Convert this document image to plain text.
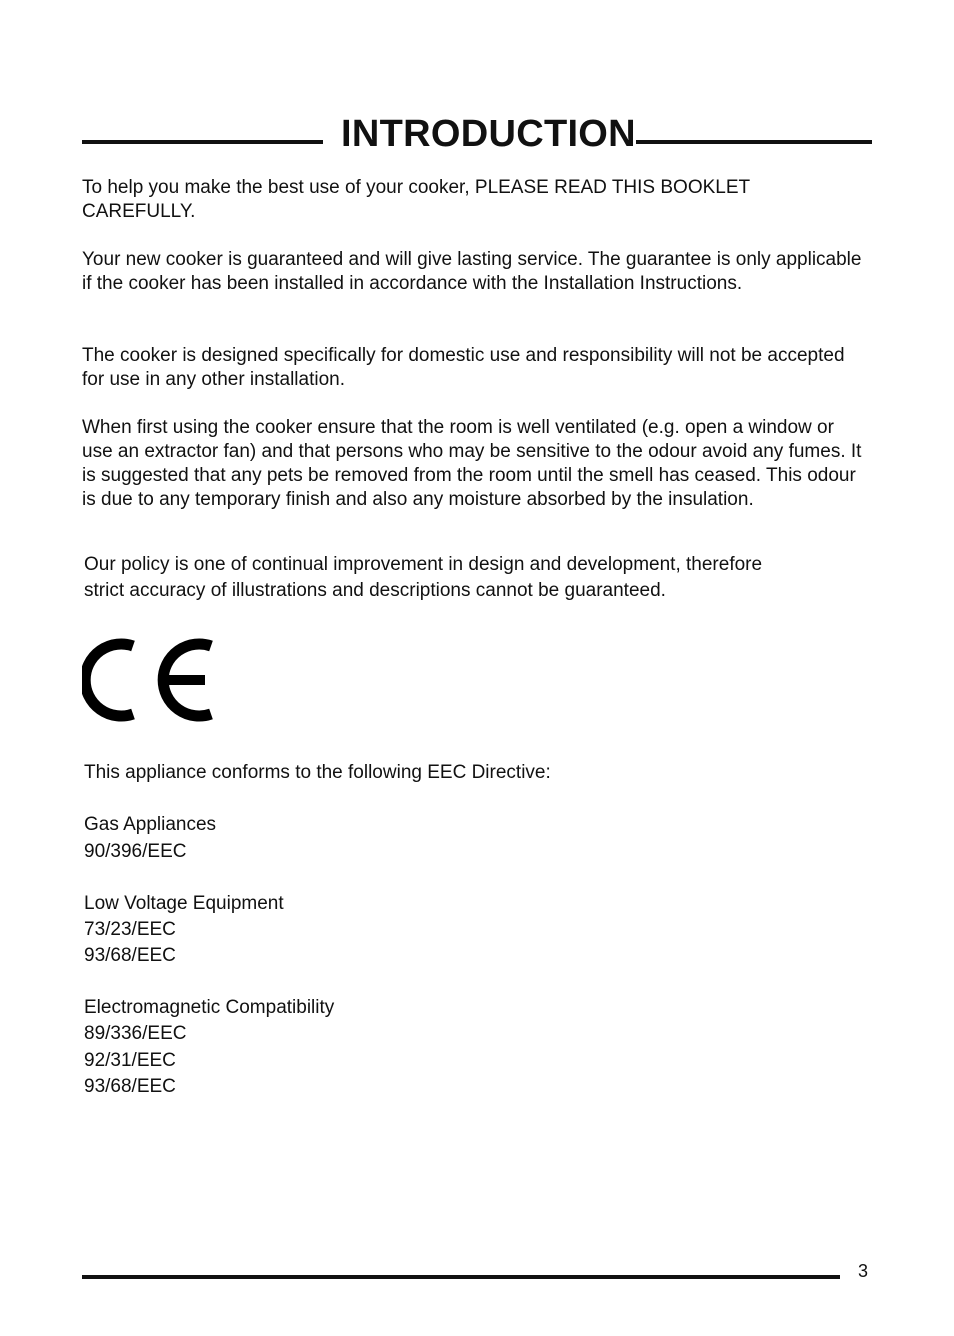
INTRODUCTION

To help you make the best use of your cooker, PLEASE READ THIS BOOKLET CAREFULLY.

Your new cooker is guaranteed and will give lasting service. The guarantee is only applicable if the cooker has been installed in accordance with the Installation Instructions.

The cooker is designed specifically for domestic use and responsibility will not be accepted for use in any other installation.

When first using the cooker ensure that the room is well ventilated (e.g. open a window or use an extractor fan) and that persons who may be sensitive to the odour avoid any fumes. It is suggested that any pets be removed from the room until the smell has ceased. This odour is due to any temporary finish and also any moisture absorbed by the insulation.

Our policy is one of continual improvement in design and development, therefore strict accuracy of illustrations and descriptions cannot be guaranteed.

This appliance conforms to the following EEC Directive:

Gas Appliances

90/396/EEC

Low Voltage Equipment

73/23/EEC

93/68/EEC

Electromagnetic Compatibility

89/336/EEC

92/31/EEC

93/68/EEC

3
